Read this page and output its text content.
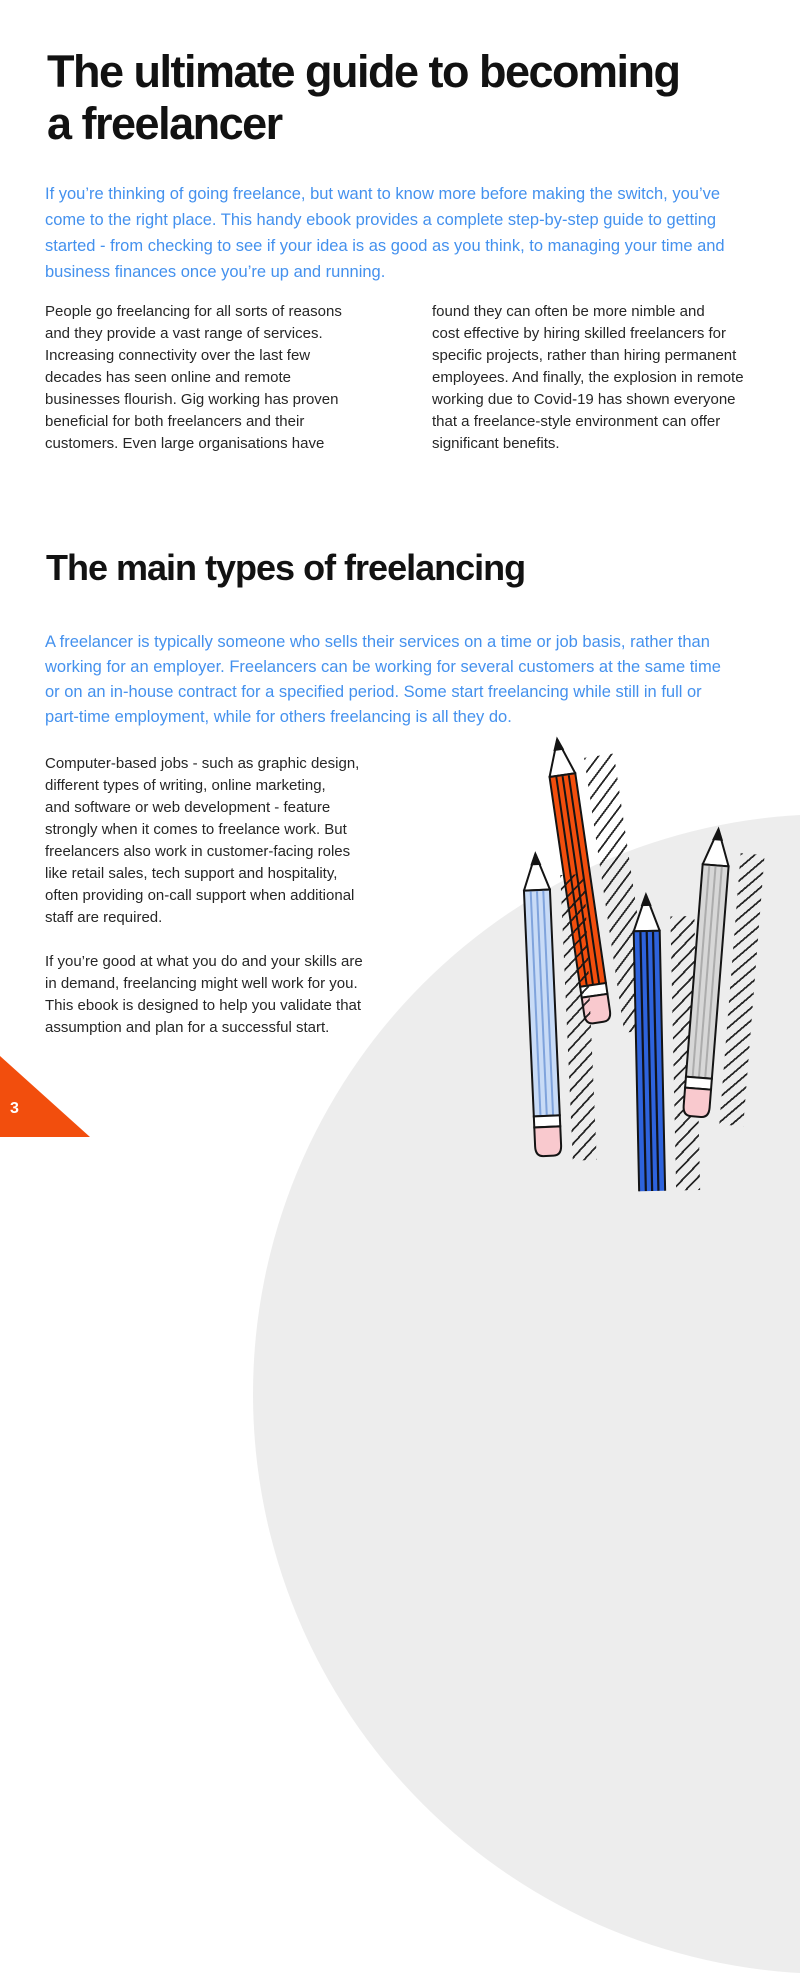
The ultimate guide to becoming
a freelancer
If you’re thinking of going freelance, but want to know more before making the switch, you’ve
come to the right place. This handy ebook provides a complete step-by-step guide to getting
started - from checking to see if your idea is as good as you think, to managing your time and
business finances once you’re up and running.
People go freelancing for all sorts of reasons
and they provide a vast range of services.
Increasing connectivity over the last few
decades has seen online and remote
businesses flourish. Gig working has proven
beneficial for both freelancers and their
customers. Even large organisations have
found they can often be more nimble and
cost effective by hiring skilled freelancers for
specific projects, rather than hiring permanent
employees. And finally, the explosion in remote
working due to Covid-19 has shown everyone
that a freelance-style environment can offer
significant benefits.
The main types of freelancing
A freelancer is typically someone who sells their services on a time or job basis, rather than
working for an employer. Freelancers can be working for several customers at the same time
or on an in-house contract for a specified period. Some start freelancing while still in full or
part-time employment, while for others freelancing is all they do.
Computer-based jobs - such as graphic design,
different types of writing, online marketing,
and software or web development - feature
strongly when it comes to freelance work. But
freelancers also work in customer-facing roles
like retail sales, tech support and hospitality,
often providing on-call support when additional
staff are required.
If you’re good at what you do and your skills are
in demand, freelancing might well work for you.
This ebook is designed to help you validate that
assumption and plan for a successful start.
3
